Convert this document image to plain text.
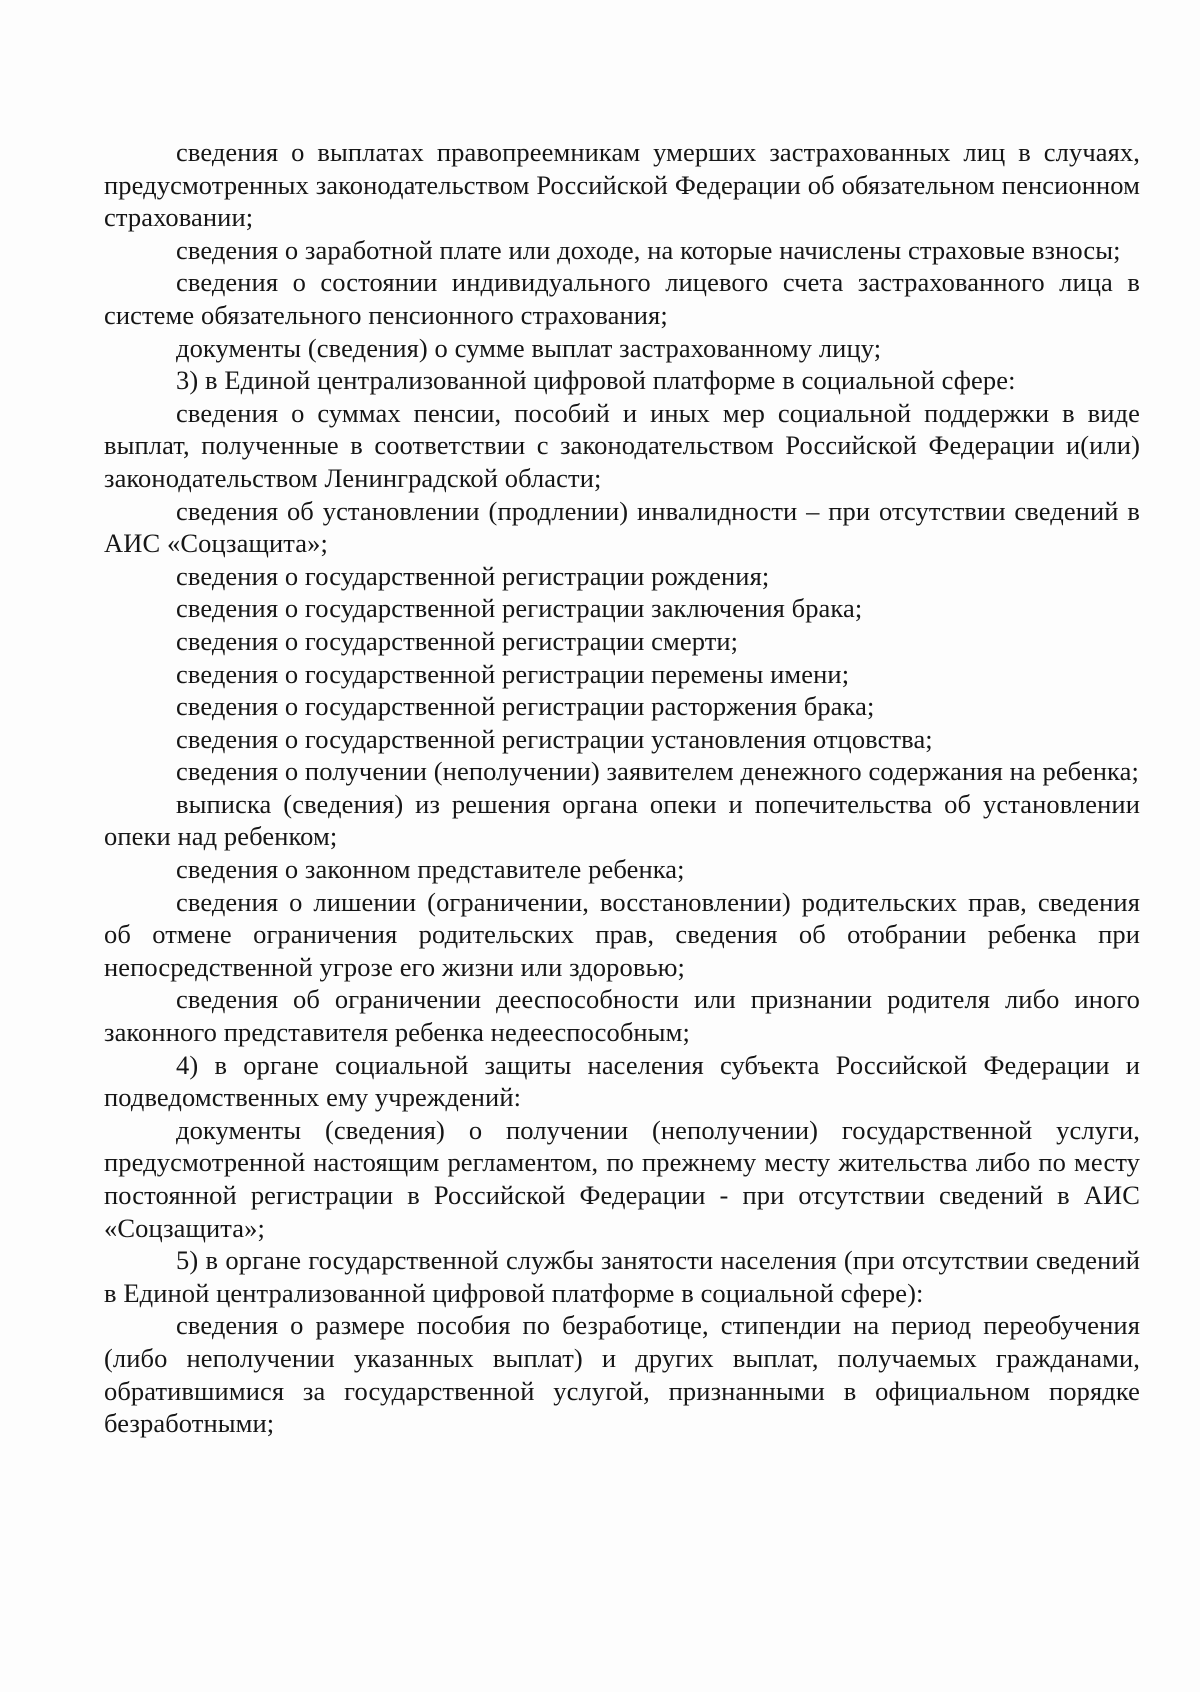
сведения о выплатах правопреемникам умерших застрахованных лиц в случаях, предусмотренных законодательством Российской Федерации об обязательном пенсионном страховании;

сведения о заработной плате или доходе, на которые начислены страховые взносы;

сведения о состоянии индивидуального лицевого счета застрахованного лица в системе обязательного пенсионного страхования;

документы (сведения) о сумме выплат застрахованному лицу;

3) в Единой централизованной цифровой платформе в социальной сфере:

сведения о суммах пенсии, пособий и иных мер социальной поддержки в виде выплат, полученные в соответствии с законодательством Российской Федерации и(или) законодательством Ленинградской области;

сведения об установлении (продлении) инвалидности – при отсутствии сведений в АИС «Соцзащита»;

сведения о государственной регистрации рождения;

сведения о государственной регистрации заключения брака;

сведения о государственной регистрации смерти;

сведения о государственной регистрации перемены имени;

сведения о государственной регистрации расторжения брака;

сведения о государственной регистрации установления отцовства;

сведения о получении (неполучении) заявителем денежного содержания на ребенка;

выписка (сведения) из решения органа опеки и попечительства об установлении опеки над ребенком;

сведения о законном представителе ребенка;

сведения о лишении (ограничении, восстановлении) родительских прав, сведения об отмене ограничения родительских прав, сведения об отобрании ребенка при непосредственной угрозе его жизни или здоровью;

сведения об ограничении дееспособности или признании родителя либо иного законного представителя ребенка недееспособным;

4) в органе социальной защиты населения субъекта Российской Федерации и подведомственных ему учреждений:

документы (сведения) о получении (неполучении) государственной услуги, предусмотренной настоящим регламентом, по прежнему месту жительства либо по месту постоянной регистрации в Российской Федерации - при отсутствии сведений в АИС «Соцзащита»;

5) в органе государственной службы занятости населения (при отсутствии сведений в Единой централизованной цифровой платформе в социальной сфере):

сведения о размере пособия по безработице, стипендии на период переобучения (либо неполучении указанных выплат) и других выплат, получаемых гражданами, обратившимися за государственной услугой, признанными в официальном порядке безработными;
